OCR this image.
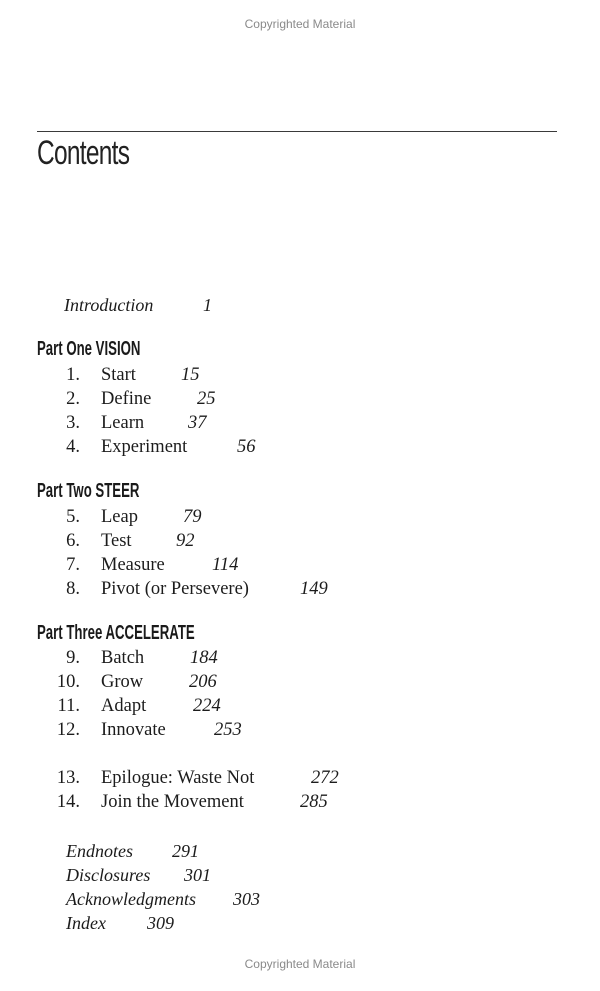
Copyrighted Material
Contents
Introduction	1
Part One VISION
Part Two STEER
Part Three ACCELERATE
1. Start 15
2. Define 25
3. Learn 37
4. Experiment	56
5. Leap 79
6. Test 92
7. Measure	114
8. Pivot (or Persevere)	149
9. Batch 184
10. Grow 206
11. Adapt	224
12. Innovate	253
13. Epilogue: Waste Not	272
14. Join the Movement	285
Endnotes 291
Disclosures 301
Acknowledgments 303
Index 309
Copyrighted Material
